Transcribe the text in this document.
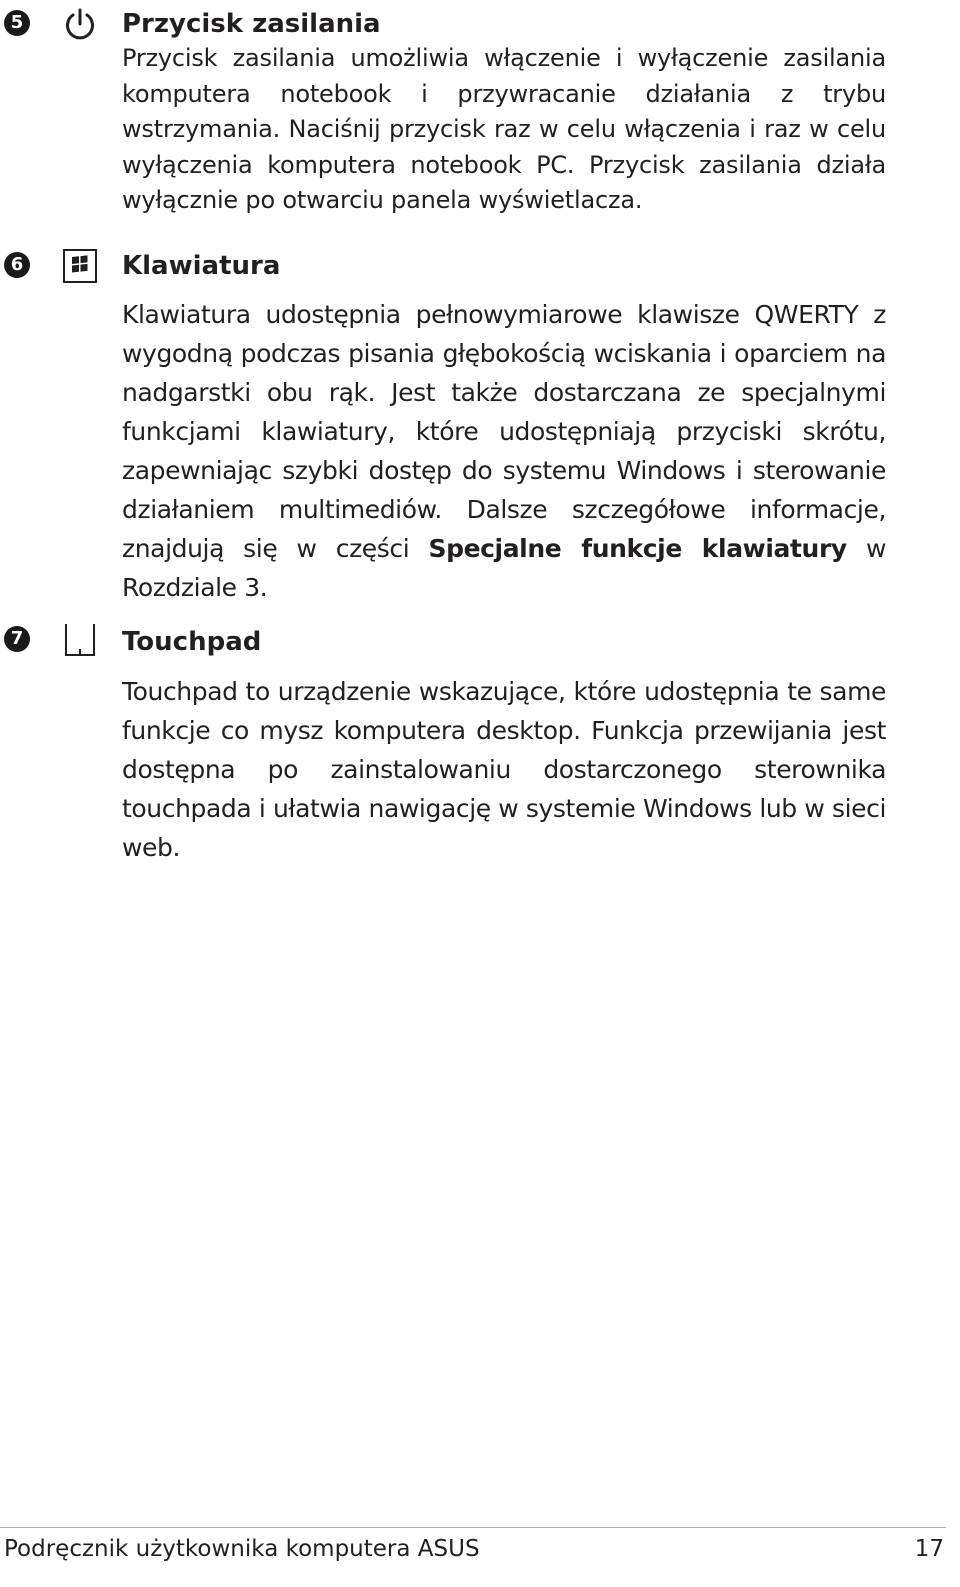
5	Przycisk zasilania

Przycisk zasilania umożliwia włączenie i wyłączenie zasilania komputera notebook i przywracanie działania z trybu wstrzymania. Naciśnij przycisk raz w celu włączenia i raz w celu wyłączenia komputera notebook PC. Przycisk zasilania działa wyłącznie po otwarciu panela wyświetlacza.

6	Klawiatura

Klawiatura udostępnia pełnowymiarowe klawisze QWERTY z wygodną podczas pisania głębokością wciskania i oparciem na nadgarstki obu rąk. Jest także dostarczana ze specjalnymi funkcjami klawiatury, które udostępniają przyciski skrótu, zapewniając szybki dostęp do systemu Windows i sterowanie działaniem multimediów. Dalsze szczegółowe informacje, znajdują się w części Specjalne funkcje klawiatury w Rozdziale 3.

7	Touchpad

Touchpad to urządzenie wskazujące, które udostępnia te same funkcje co mysz komputera desktop. Funkcja przewijania jest dostępna po zainstalowaniu dostarczonego sterownika touchpada i ułatwia nawigację w systemie Windows lub w sieci web.

Podręcznik użytkownika komputera ASUS	17
